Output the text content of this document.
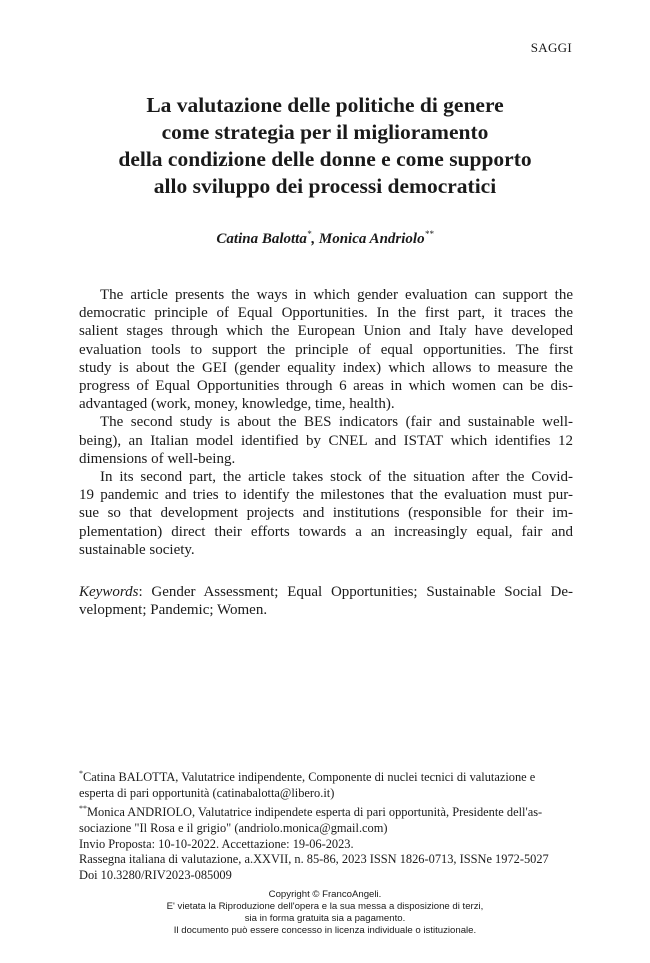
SAGGI
La valutazione delle politiche di genere
come strategia per il miglioramento
della condizione delle donne e come supporto
allo sviluppo dei processi democratici
Catina Balotta*, Monica Andriolo**
The article presents the ways in which gender evaluation can support the
democratic principle of Equal Opportunities. In the first part, it traces the
salient stages through which the European Union and Italy have developed
evaluation tools to support the principle of equal opportunities. The first
study is about the GEI (gender equality index) which allows to measure the
progress of Equal Opportunities through 6 areas in which women can be dis-
advantaged (work, money, knowledge, time, health).
The second study is about the BES indicators (fair and sustainable well-
being), an Italian model identified by CNEL and ISTAT which identifies 12
dimensions of well-being.
In its second part, the article takes stock of the situation after the Covid-
19 pandemic and tries to identify the milestones that the evaluation must pur-
sue so that development projects and institutions (responsible for their im-
plementation) direct their efforts towards a an increasingly equal, fair and
sustainable society.
Keywords: Gender Assessment; Equal Opportunities; Sustainable Social De-
velopment; Pandemic; Women.
*Catina BALOTTA, Valutatrice indipendente, Componente di nuclei tecnici di valutazione e
esperta di pari opportunità (catinabalotta@libero.it)
**Monica ANDRIOLO, Valutatrice indipendete esperta di pari opportunità, Presidente dell'as-
sociazione "Il Rosa e il grigio" (andriolo.monica@gmail.com)
Invio Proposta: 10-10-2022. Accettazione: 19-06-2023.
Rassegna italiana di valutazione, a.XXVII, n. 85-86, 2023 ISSN 1826-0713, ISSNe 1972-5027
Doi 10.3280/RIV2023-085009
Copyright © FrancoAngeli.
E' vietata la Riproduzione dell'opera e la sua messa a disposizione di terzi,
sia in forma gratuita sia a pagamento.
Il documento può essere concesso in licenza individuale o istituzionale.
